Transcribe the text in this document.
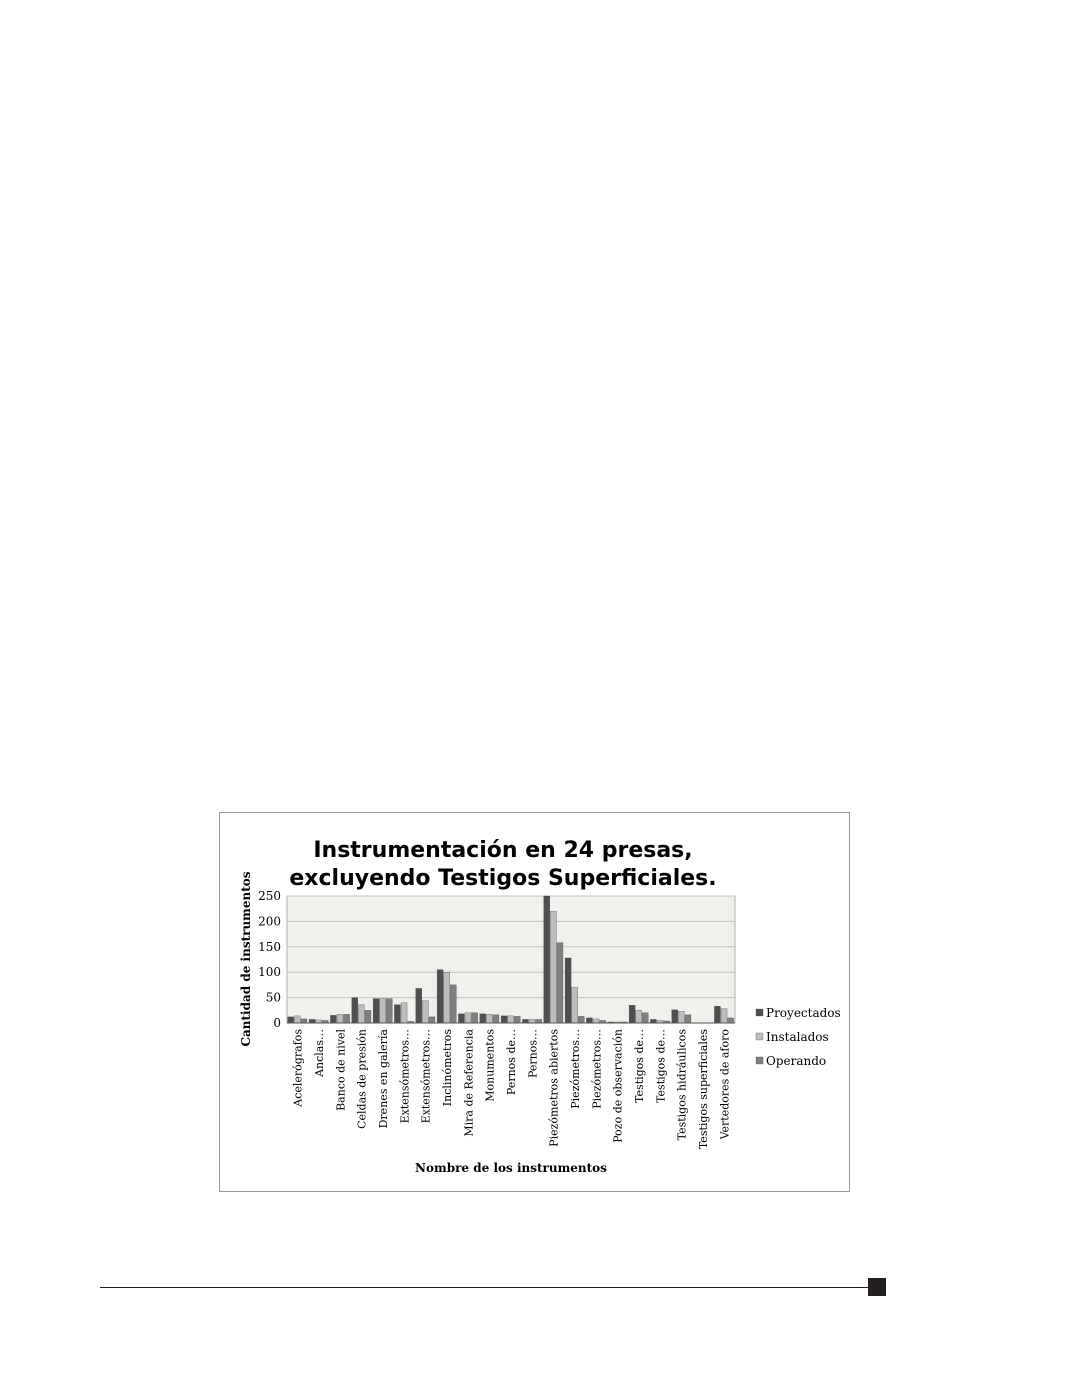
Instrumentación en 24 presas,
excluyendo Testigos Superficiales.
0
50
100
150
200
250
Acelerógrafos Anclas… Banco de nivel Celdas de presión Drenes en galería Extensómetros… Extensómetros… Inclinómetros Mira de Referencia Monumentos Pernos de… Pernos… Piezómetros abiertos Piezómetros… Piezómetros… Pozo de observación Testigos de… Testigos de… Testigos hidráulicos Testigos superficiales Vertedores de aforo
Cantidad de instrumentos
Nombre de los instrumentos
Proyectados
Instalados
Operando
